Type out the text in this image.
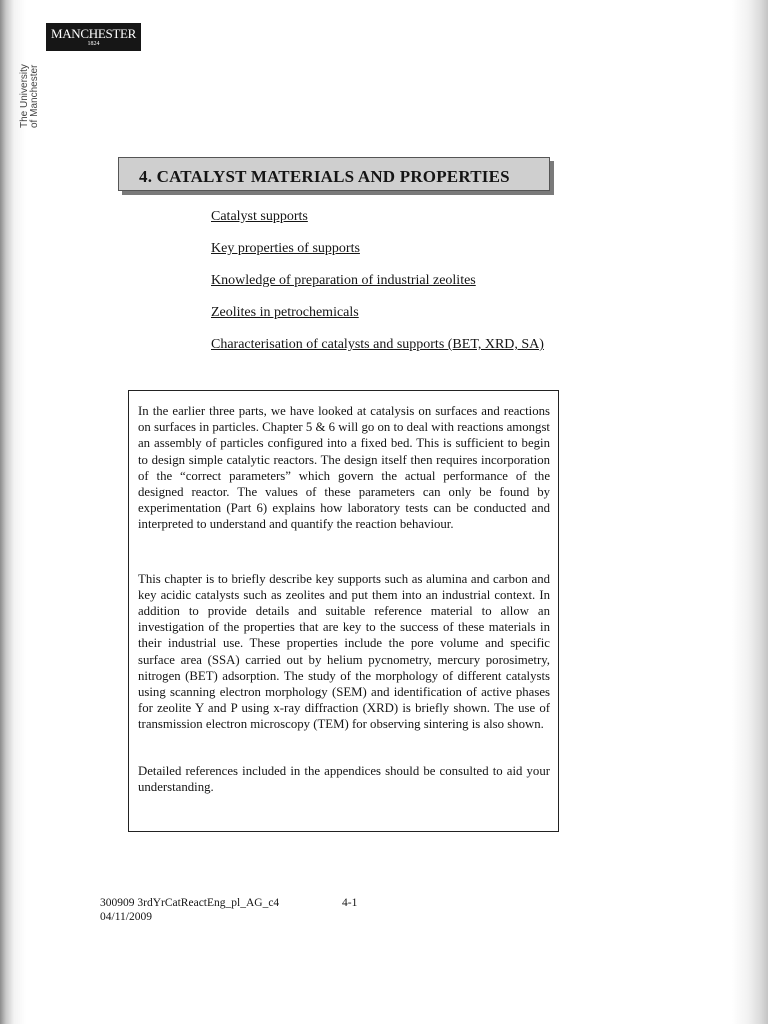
MANCHESTER
1824
The University of Manchester
4. CATALYST MATERIALS AND PROPERTIES
Catalyst supports
Key properties of supports
Knowledge of preparation of industrial zeolites
Zeolites in petrochemicals
Characterisation of catalysts and supports (BET, XRD, SA)

In the earlier three parts, we have looked at catalysis on surfaces and reactions on surfaces in particles. Chapter 5 & 6 will go on to deal with reactions amongst an assembly of particles configured into a fixed bed. This is sufficient to begin to design simple catalytic reactors. The design itself then requires incorporation of the “correct parameters” which govern the actual performance of the designed reactor. The values of these parameters can only be found by experimentation (Part 6) explains how laboratory tests can be conducted and interpreted to understand and quantify the reaction behaviour.

This chapter is to briefly describe key supports such as alumina and carbon and key acidic catalysts such as zeolites and put them into an industrial context. In addition to provide details and suitable reference material to allow an investigation of the properties that are key to the success of these materials in their industrial use. These properties include the pore volume and specific surface area (SSA) carried out by helium pycnometry, mercury porosimetry, nitrogen (BET) adsorption. The study of the morphology of different catalysts using scanning electron morphology (SEM) and identification of active phases for zeolite Y and P using x-ray diffraction (XRD) is briefly shown. The use of transmission electron microscopy (TEM) for observing sintering is also shown.

Detailed references included in the appendices should be consulted to aid your understanding.

300909 3rdYrCatReactEng_pl_AG_c4
04/11/2009
4-1
